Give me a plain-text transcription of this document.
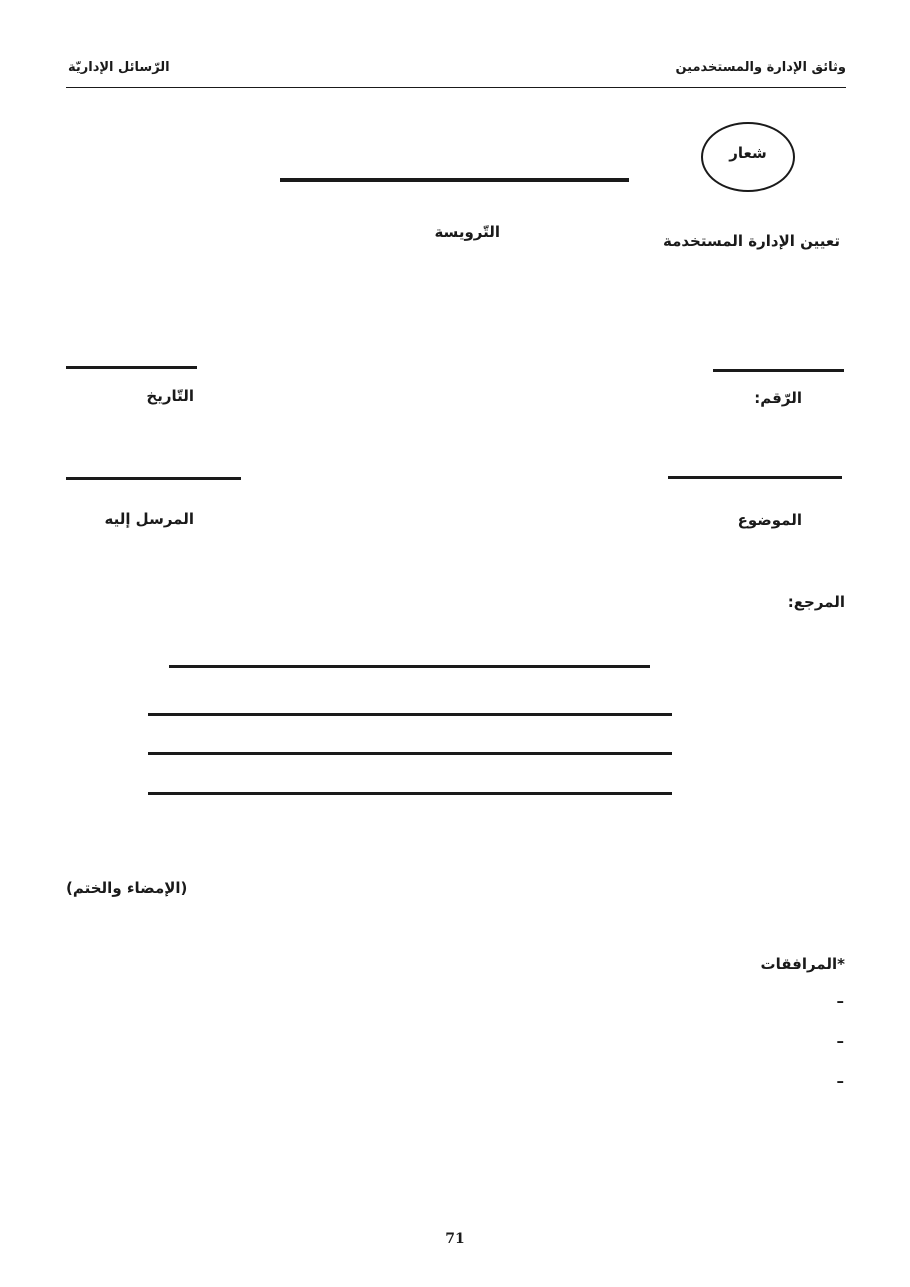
وثائق الإدارة والمستخدمين
الرّسائل الإداريّة
شعار
التّرويسة	تعيين الإدارة المستخدمة
الرّقم:
التّاريخ
الموضوع
المرسل إليه
المرجع:
(الإمضاء والختم)
*المرافقات
–
–
–
71
